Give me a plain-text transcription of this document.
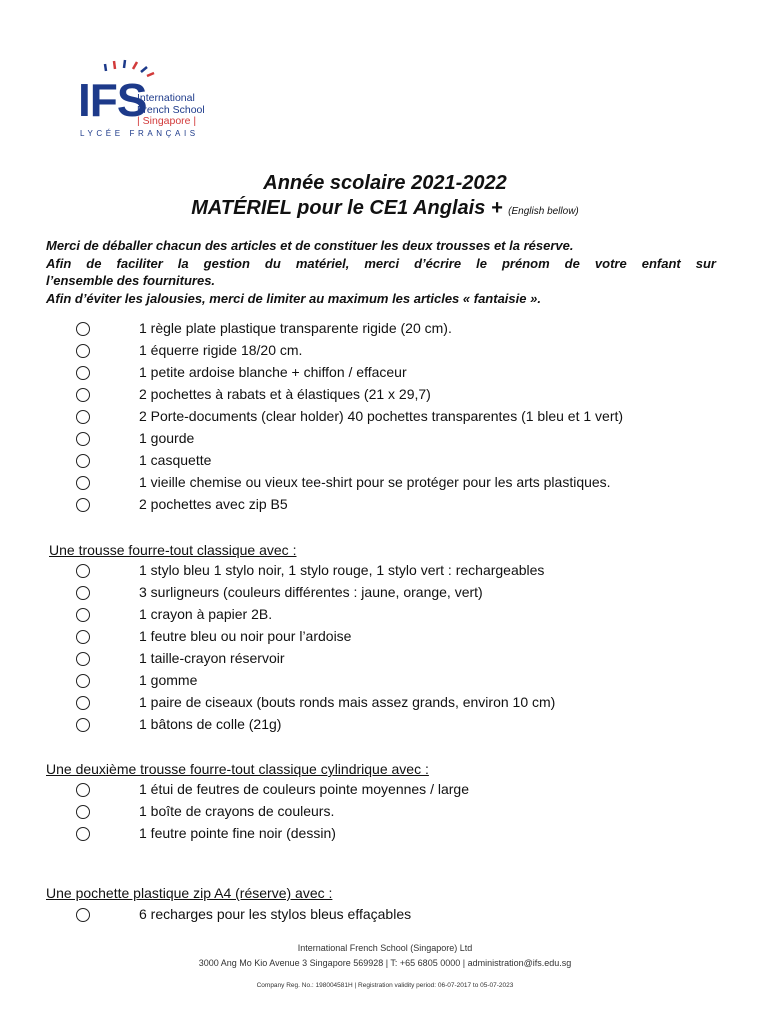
IFS
International
French School
| Singapore |
LYCÉE FRANÇAIS
Année scolaire 2021-2022
MATÉRIEL pour le CE1 Anglais + (English bellow)

Merci de déballer chacun des articles et de constituer les deux trousses et la réserve.

Afin de faciliter la gestion du matériel, merci d’écrire le prénom de votre enfant sur

l’ensemble des fournitures.

Afin d’éviter les jalousies, merci de limiter au maximum les articles « fantaisie ».

1 règle plate plastique transparente rigide (20 cm).
1 équerre rigide 18/20 cm.
1 petite ardoise blanche + chiffon / effaceur
2 pochettes à rabats et à élastiques (21 x 29,7)
2 Porte-documents (clear holder) 40 pochettes transparentes (1 bleu et 1 vert)
1 gourde
1 casquette
1 vieille chemise ou vieux tee-shirt pour se protéger pour les arts plastiques.
2 pochettes avec zip B5
Une trousse fourre-tout classique avec :
1 stylo bleu 1 stylo noir, 1 stylo rouge, 1 stylo vert : rechargeables
3 surligneurs (couleurs différentes : jaune, orange, vert)
1 crayon à papier 2B.
1 feutre bleu ou noir pour l’ardoise
1 taille-crayon réservoir
1 gomme
1 paire de ciseaux (bouts ronds mais assez grands, environ 10 cm)
1 bâtons de colle (21g)
Une deuxième trousse fourre-tout classique cylindrique avec :
1 étui de feutres de couleurs pointe moyennes / large
1 boîte de crayons de couleurs.
1 feutre pointe fine noir (dessin)
Une pochette plastique zip A4 (réserve) avec :
6 recharges pour les stylos bleus effaçables
International French School (Singapore) Ltd
3000 Ang Mo Kio Avenue 3 Singapore 569928 | T: +65 6805 0000 | administration@ifs.edu.sg
Company Reg. No.: 198004581H | Registration validity period: 06-07-2017 to 05-07-2023
